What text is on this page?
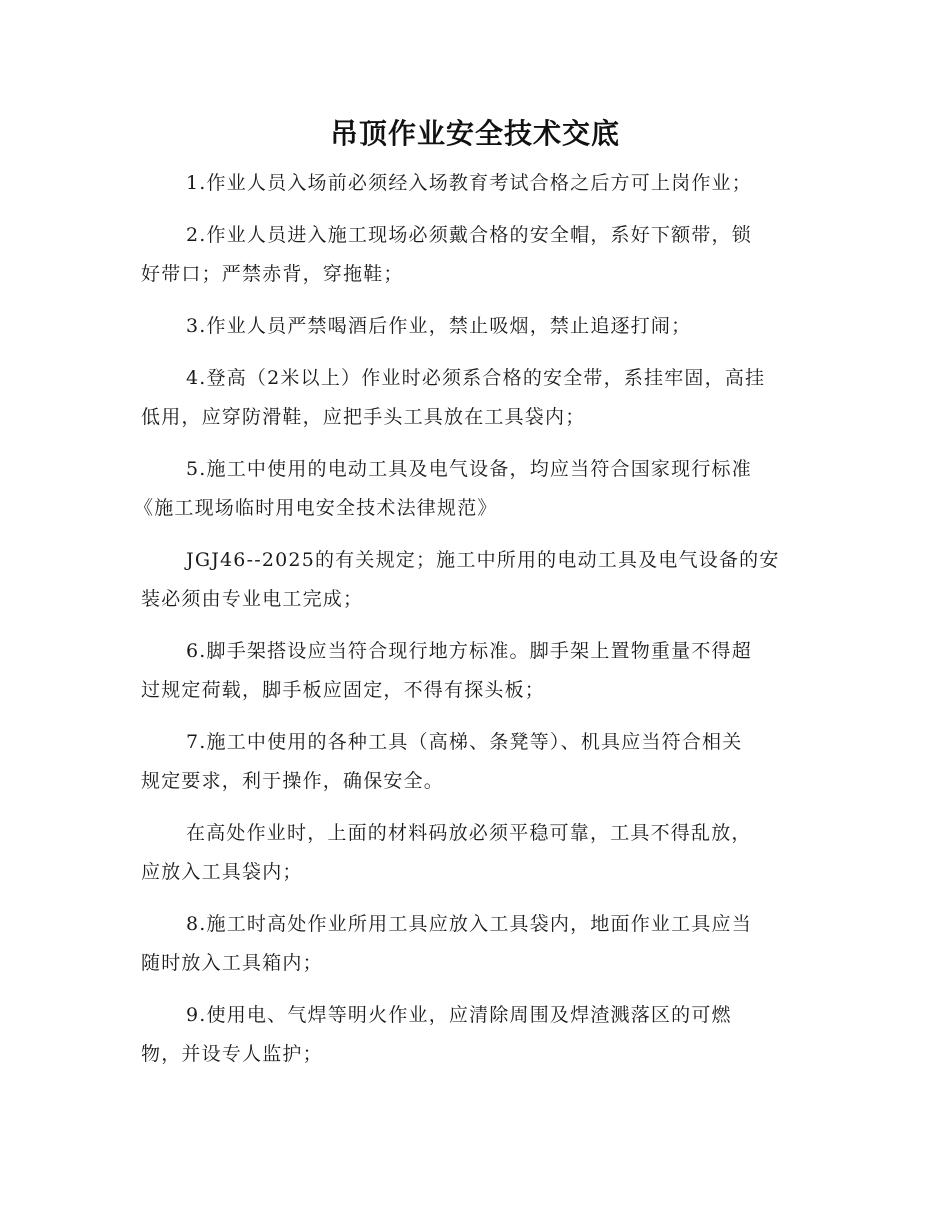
吊顶作业安全技术交底

1.作业人员入场前必须经入场教育考试合格之后方可上岗作业；

2.作业人员进入施工现场必须戴合格的安全帽，系好下额带，锁
好带口；严禁赤背，穿拖鞋；

3.作业人员严禁喝酒后作业，禁止吸烟，禁止追逐打闹；

4.登高（2米以上）作业时必须系合格的安全带，系挂牢固，高挂
低用，应穿防滑鞋，应把手头工具放在工具袋内；

5.施工中使用的电动工具及电气设备，均应当符合国家现行标准
《施工现场临时用电安全技术法律规范》

JGJ46--2025的有关规定；施工中所用的电动工具及电气设备的安
装必须由专业电工完成；

6.脚手架搭设应当符合现行地方标准。脚手架上置物重量不得超
过规定荷载，脚手板应固定，不得有探头板；

7.施工中使用的各种工具（高梯、条凳等）、机具应当符合相关
规定要求，利于操作，确保安全。

在高处作业时，上面的材料码放必须平稳可靠，工具不得乱放，
应放入工具袋内；

8.施工时高处作业所用工具应放入工具袋内，地面作业工具应当
随时放入工具箱内；

9.使用电、气焊等明火作业，应清除周围及焊渣溅落区的可燃
物，并设专人监护；
